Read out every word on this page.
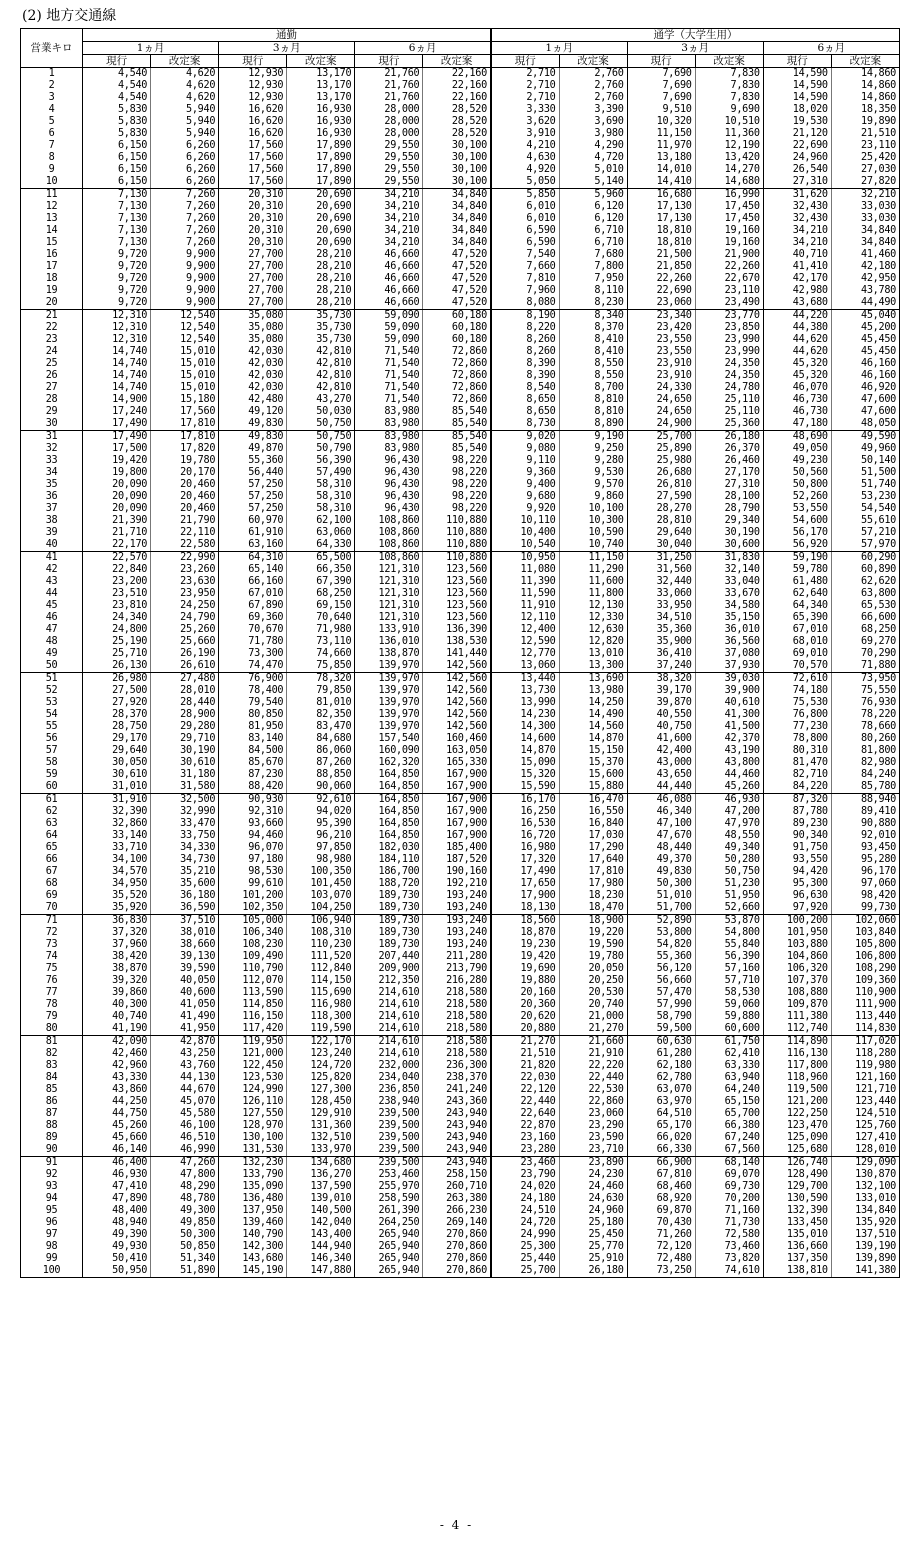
(2) 地方交通線
営業キロ	通勤						通学（大学生用）					
	1ヵ月		3ヵ月		6ヵ月		1ヵ月		3ヵ月		6ヵ月	
	現行	改定案	現行	改定案	現行	改定案	現行	改定案	現行	改定案	現行	改定案
1	4,540	4,620	12,930	13,170	21,760	22,160	2,710	2,760	7,690	7,830	14,590	14,860
2	4,540	4,620	12,930	13,170	21,760	22,160	2,710	2,760	7,690	7,830	14,590	14,860
3	4,540	4,620	12,930	13,170	21,760	22,160	2,710	2,760	7,690	7,830	14,590	14,860
4	5,830	5,940	16,620	16,930	28,000	28,520	3,330	3,390	9,510	9,690	18,020	18,350
5	5,830	5,940	16,620	16,930	28,000	28,520	3,620	3,690	10,320	10,510	19,530	19,890
6	5,830	5,940	16,620	16,930	28,000	28,520	3,910	3,980	11,150	11,360	21,120	21,510
7	6,150	6,260	17,560	17,890	29,550	30,100	4,210	4,290	11,970	12,190	22,690	23,110
8	6,150	6,260	17,560	17,890	29,550	30,100	4,630	4,720	13,180	13,420	24,960	25,420
9	6,150	6,260	17,560	17,890	29,550	30,100	4,920	5,010	14,010	14,270	26,540	27,030
10	6,150	6,260	17,560	17,890	29,550	30,100	5,050	5,140	14,410	14,680	27,310	27,820
11	7,130	7,260	20,310	20,690	34,210	34,840	5,850	5,960	16,680	16,990	31,620	32,210
12	7,130	7,260	20,310	20,690	34,210	34,840	6,010	6,120	17,130	17,450	32,430	33,030
13	7,130	7,260	20,310	20,690	34,210	34,840	6,010	6,120	17,130	17,450	32,430	33,030
14	7,130	7,260	20,310	20,690	34,210	34,840	6,590	6,710	18,810	19,160	34,210	34,840
15	7,130	7,260	20,310	20,690	34,210	34,840	6,590	6,710	18,810	19,160	34,210	34,840
16	9,720	9,900	27,700	28,210	46,660	47,520	7,540	7,680	21,500	21,900	40,710	41,460
17	9,720	9,900	27,700	28,210	46,660	47,520	7,660	7,800	21,850	22,260	41,410	42,180
18	9,720	9,900	27,700	28,210	46,660	47,520	7,810	7,950	22,260	22,670	42,170	42,950
19	9,720	9,900	27,700	28,210	46,660	47,520	7,960	8,110	22,690	23,110	42,980	43,780
20	9,720	9,900	27,700	28,210	46,660	47,520	8,080	8,230	23,060	23,490	43,680	44,490
21	12,310	12,540	35,080	35,730	59,090	60,180	8,190	8,340	23,340	23,770	44,220	45,040
22	12,310	12,540	35,080	35,730	59,090	60,180	8,220	8,370	23,420	23,850	44,380	45,200
23	12,310	12,540	35,080	35,730	59,090	60,180	8,260	8,410	23,550	23,990	44,620	45,450
24	14,740	15,010	42,030	42,810	71,540	72,860	8,260	8,410	23,550	23,990	44,620	45,450
25	14,740	15,010	42,030	42,810	71,540	72,860	8,390	8,550	23,910	24,350	45,320	46,160
26	14,740	15,010	42,030	42,810	71,540	72,860	8,390	8,550	23,910	24,350	45,320	46,160
27	14,740	15,010	42,030	42,810	71,540	72,860	8,540	8,700	24,330	24,780	46,070	46,920
28	14,900	15,180	42,480	43,270	71,540	72,860	8,650	8,810	24,650	25,110	46,730	47,600
29	17,240	17,560	49,120	50,030	83,980	85,540	8,650	8,810	24,650	25,110	46,730	47,600
30	17,490	17,810	49,830	50,750	83,980	85,540	8,730	8,890	24,900	25,360	47,180	48,050
31	17,490	17,810	49,830	50,750	83,980	85,540	9,020	9,190	25,700	26,180	48,690	49,590
32	17,500	17,820	49,870	50,790	83,980	85,540	9,080	9,250	25,890	26,370	49,050	49,960
33	19,420	19,780	55,360	56,390	96,430	98,220	9,110	9,280	25,980	26,460	49,230	50,140
34	19,800	20,170	56,440	57,490	96,430	98,220	9,360	9,530	26,680	27,170	50,560	51,500
35	20,090	20,460	57,250	58,310	96,430	98,220	9,400	9,570	26,810	27,310	50,800	51,740
36	20,090	20,460	57,250	58,310	96,430	98,220	9,680	9,860	27,590	28,100	52,260	53,230
37	20,090	20,460	57,250	58,310	96,430	98,220	9,920	10,100	28,270	28,790	53,550	54,540
38	21,390	21,790	60,970	62,100	108,860	110,880	10,110	10,300	28,810	29,340	54,600	55,610
39	21,710	22,110	61,910	63,060	108,860	110,880	10,400	10,590	29,640	30,190	56,170	57,210
40	22,170	22,580	63,160	64,330	108,860	110,880	10,540	10,740	30,040	30,600	56,920	57,970
41	22,570	22,990	64,310	65,500	108,860	110,880	10,950	11,150	31,250	31,830	59,190	60,290
42	22,840	23,260	65,140	66,350	121,310	123,560	11,080	11,290	31,560	32,140	59,780	60,890
43	23,200	23,630	66,160	67,390	121,310	123,560	11,390	11,600	32,440	33,040	61,480	62,620
44	23,510	23,950	67,010	68,250	121,310	123,560	11,590	11,800	33,060	33,670	62,640	63,800
45	23,810	24,250	67,890	69,150	121,310	123,560	11,910	12,130	33,950	34,580	64,340	65,530
46	24,340	24,790	69,360	70,640	121,310	123,560	12,110	12,330	34,510	35,150	65,390	66,600
47	24,800	25,260	70,670	71,980	133,910	136,390	12,400	12,630	35,360	36,010	67,010	68,250
48	25,190	25,660	71,780	73,110	136,010	138,530	12,590	12,820	35,900	36,560	68,010	69,270
49	25,710	26,190	73,300	74,660	138,870	141,440	12,770	13,010	36,410	37,080	69,010	70,290
50	26,130	26,610	74,470	75,850	139,970	142,560	13,060	13,300	37,240	37,930	70,570	71,880
51	26,980	27,480	76,900	78,320	139,970	142,560	13,440	13,690	38,320	39,030	72,610	73,950
52	27,500	28,010	78,400	79,850	139,970	142,560	13,730	13,980	39,170	39,900	74,180	75,550
53	27,920	28,440	79,540	81,010	139,970	142,560	13,990	14,250	39,870	40,610	75,530	76,930
54	28,370	28,900	80,850	82,350	139,970	142,560	14,230	14,490	40,550	41,300	76,800	78,220
55	28,750	29,280	81,950	83,470	139,970	142,560	14,300	14,560	40,750	41,500	77,230	78,660
56	29,170	29,710	83,140	84,680	157,540	160,460	14,600	14,870	41,600	42,370	78,800	80,260
57	29,640	30,190	84,500	86,060	160,090	163,050	14,870	15,150	42,400	43,190	80,310	81,800
58	30,050	30,610	85,670	87,260	162,320	165,330	15,090	15,370	43,000	43,800	81,470	82,980
59	30,610	31,180	87,230	88,850	164,850	167,900	15,320	15,600	43,650	44,460	82,710	84,240
60	31,010	31,580	88,420	90,060	164,850	167,900	15,590	15,880	44,440	45,260	84,220	85,780
61	31,910	32,500	90,930	92,610	164,850	167,900	16,170	16,470	46,080	46,930	87,320	88,940
62	32,390	32,990	92,310	94,020	164,850	167,900	16,250	16,550	46,340	47,200	87,780	89,410
63	32,860	33,470	93,660	95,390	164,850	167,900	16,530	16,840	47,100	47,970	89,230	90,880
64	33,140	33,750	94,460	96,210	164,850	167,900	16,720	17,030	47,670	48,550	90,340	92,010
65	33,710	34,330	96,070	97,850	182,030	185,400	16,980	17,290	48,440	49,340	91,750	93,450
66	34,100	34,730	97,180	98,980	184,110	187,520	17,320	17,640	49,370	50,280	93,550	95,280
67	34,570	35,210	98,530	100,350	186,700	190,160	17,490	17,810	49,830	50,750	94,420	96,170
68	34,950	35,600	99,610	101,450	188,720	192,210	17,650	17,980	50,300	51,230	95,300	97,060
69	35,520	36,180	101,200	103,070	189,730	193,240	17,900	18,230	51,010	51,950	96,630	98,420
70	35,920	36,590	102,350	104,250	189,730	193,240	18,130	18,470	51,700	52,660	97,920	99,730
71	36,830	37,510	105,000	106,940	189,730	193,240	18,560	18,900	52,890	53,870	100,200	102,060
72	37,320	38,010	106,340	108,310	189,730	193,240	18,870	19,220	53,800	54,800	101,950	103,840
73	37,960	38,660	108,230	110,230	189,730	193,240	19,230	19,590	54,820	55,840	103,880	105,800
74	38,420	39,130	109,490	111,520	207,440	211,280	19,420	19,780	55,360	56,390	104,860	106,800
75	38,870	39,590	110,790	112,840	209,900	213,790	19,690	20,050	56,120	57,160	106,320	108,290
76	39,320	40,050	112,070	114,150	212,350	216,280	19,880	20,250	56,660	57,710	107,370	109,360
77	39,860	40,600	113,590	115,690	214,610	218,580	20,160	20,530	57,470	58,530	108,880	110,900
78	40,300	41,050	114,850	116,980	214,610	218,580	20,360	20,740	57,990	59,060	109,870	111,900
79	40,740	41,490	116,150	118,300	214,610	218,580	20,620	21,000	58,790	59,880	111,380	113,440
80	41,190	41,950	117,420	119,590	214,610	218,580	20,880	21,270	59,500	60,600	112,740	114,830
81	42,090	42,870	119,950	122,170	214,610	218,580	21,270	21,660	60,630	61,750	114,890	117,020
82	42,460	43,250	121,000	123,240	214,610	218,580	21,510	21,910	61,280	62,410	116,130	118,280
83	42,960	43,760	122,450	124,720	232,000	236,300	21,820	22,220	62,180	63,330	117,800	119,980
84	43,330	44,130	123,530	125,820	234,040	238,370	22,030	22,440	62,780	63,940	118,960	121,160
85	43,860	44,670	124,990	127,300	236,850	241,240	22,120	22,530	63,070	64,240	119,500	121,710
86	44,250	45,070	126,110	128,450	238,940	243,360	22,440	22,860	63,970	65,150	121,200	123,440
87	44,750	45,580	127,550	129,910	239,500	243,940	22,640	23,060	64,510	65,700	122,250	124,510
88	45,260	46,100	128,970	131,360	239,500	243,940	22,870	23,290	65,170	66,380	123,470	125,760
89	45,660	46,510	130,100	132,510	239,500	243,940	23,160	23,590	66,020	67,240	125,090	127,410
90	46,140	46,990	131,530	133,970	239,500	243,940	23,280	23,710	66,330	67,560	125,680	128,010
91	46,400	47,260	132,230	134,680	239,500	243,940	23,460	23,890	66,900	68,140	126,740	129,090
92	46,930	47,800	133,790	136,270	253,460	258,150	23,790	24,230	67,810	69,070	128,490	130,870
93	47,410	48,290	135,090	137,590	255,970	260,710	24,020	24,460	68,460	69,730	129,700	132,100
94	47,890	48,780	136,480	139,010	258,590	263,380	24,180	24,630	68,920	70,200	130,590	133,010
95	48,400	49,300	137,950	140,500	261,390	266,230	24,510	24,960	69,870	71,160	132,390	134,840
96	48,940	49,850	139,460	142,040	264,250	269,140	24,720	25,180	70,430	71,730	133,450	135,920
97	49,390	50,300	140,790	143,400	265,940	270,860	24,990	25,450	71,260	72,580	135,010	137,510
98	49,930	50,850	142,300	144,940	265,940	270,860	25,300	25,770	72,120	73,460	136,660	139,190
99	50,410	51,340	143,680	146,340	265,940	270,860	25,440	25,910	72,480	73,820	137,350	139,890
100	50,950	51,890	145,190	147,880	265,940	270,860	25,700	26,180	73,250	74,610	138,810	141,380
- 4 -
